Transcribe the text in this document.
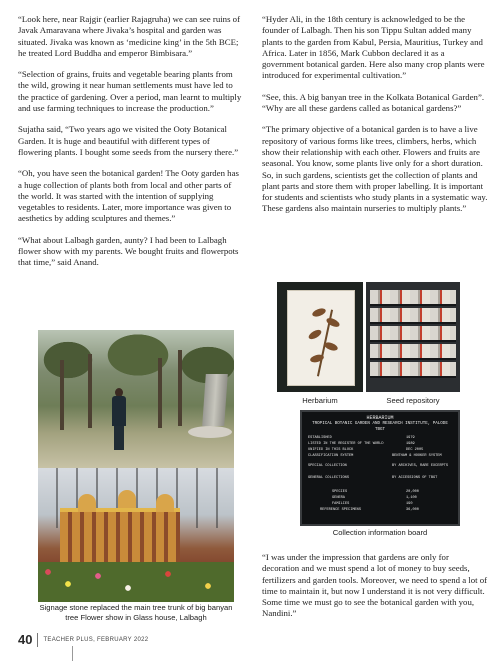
“Look here, near Rajgir (earlier Rajagruha) we can see ruins of Javak Amaravana where Jivaka’s hospital and garden was situated. Jivaka was known as ‘medicine king’ in the 5th BCE; he treated Lord Buddha and emperor Bimbisara.”

“Selection of grains, fruits and vegetable bearing plants from the wild, growing it near human settlements must have led to the practice of gardening. Over a period, man learnt to multiply and use farming techniques to increase the production.”

Sujatha said, “Two years ago we visited the Ooty Botanical Garden. It is huge and beautiful with different types of flowering plants. I bought some seeds from the nursery there.”

“Oh, you have seen the botanical garden! The Ooty garden has a huge collection of plants both from local and other parts of the world. It was started with the intention of supplying vegetables to residents. Later, more importance was given to aesthetics by adding sculptures and themes.”

“What about Lalbagh garden, aunty? I had been to Lalbagh flower show with my parents. We bought fruits and flowerpots that time,” said Anand.

“Hyder Ali, in the 18th century is acknowledged to be the founder of Lalbagh. Then his son Tippu Sultan added many plants to the garden from Kabul, Persia, Mauritius, Turkey and Africa. Later in 1856, Mark Cubbon declared it as a government botanical garden. Here also many crop plants were introduced for experimental cultivation.”

“See, this. A big banyan tree in the Kolkata Botanical Garden”.

“Why are all these gardens called as botanical gardens?”

“The primary objective of a botanical garden is to have a live repository of various forms like trees, climbers, herbs, which show their relationship with each other. Flowers and fruits are seasonal. You know, some plants live only for a short duration. So, in such gardens, scientists get the collection of plants and plant parts and store them with proper labelling. It is important for students and scientists who study plants in a systematic way. These gardens also maintain nurseries to multiply plants.”

“I was under the impression that gardens are only for decoration and we must spend a lot of money to buy seeds, fertilizers and garden tools. Moreover, we need to spend a lot of time to maintain it, but now I understand it is not very difficult. Some time we must go to see the botanical garden with you, Nandini.”

Signage stone replaced the main tree trunk of big banyan tree Flower show in Glass house, Lalbagh
Herbarium	Seed repository
HERBARIUM
TROPICAL BOTANIC GARDEN AND RESEARCH INSTITUTE, PALODE
TBGT
ESTABLISHED	1979
LISTED IN THE REGISTER OF THE WORLD	1989
UNIFIED IN THIS BLOCK	DEC 2005
CLASSIFICATION SYSTEM	BENTHAM & HOOKER SYSTEM
SPECIAL COLLECTION	BY ARCHIVES, RARE EXCERPTS
GENERAL COLLECTIONS	BY ACCESSIONS OF TBGT
SPECIES	20,000
GENERA	1,100
FAMILIES	190
REFERENCE SPECIMENS	36,000
Collection information board
40 TEACHER PLUS, FEBRUARY 2022
